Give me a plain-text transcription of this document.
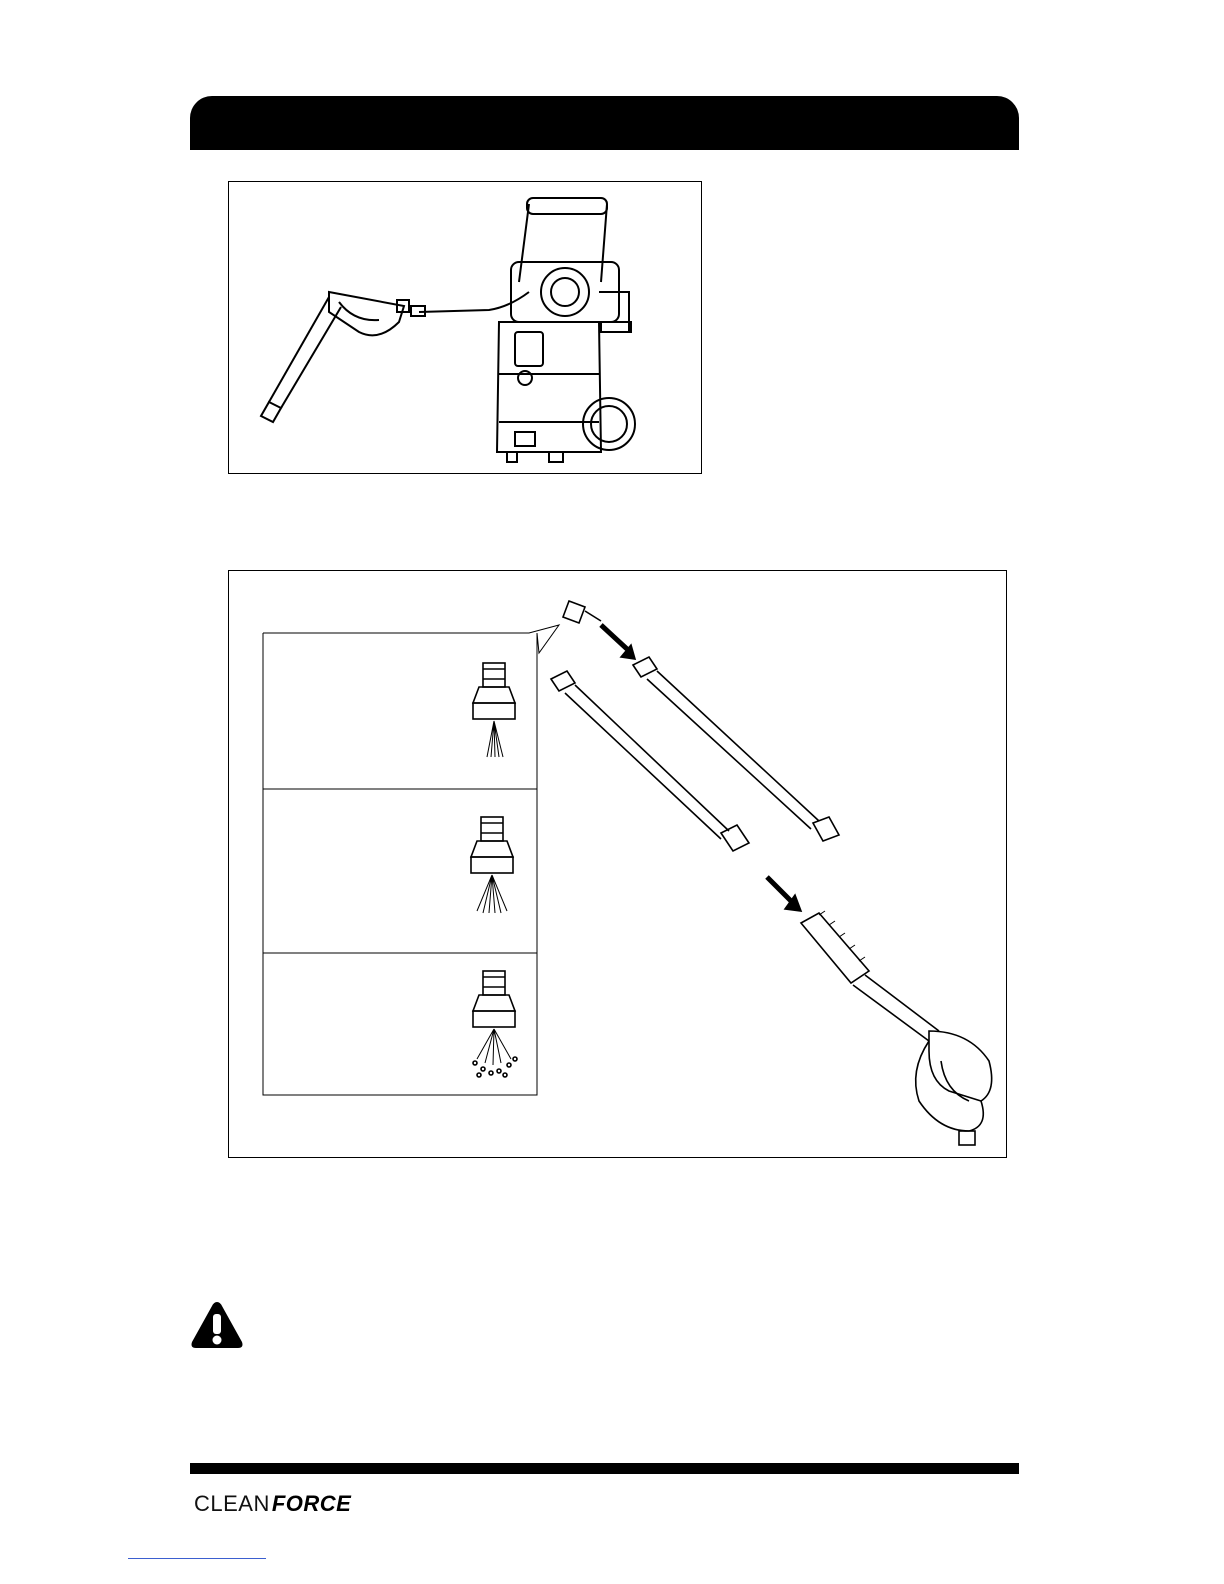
CLEAN FORCE
